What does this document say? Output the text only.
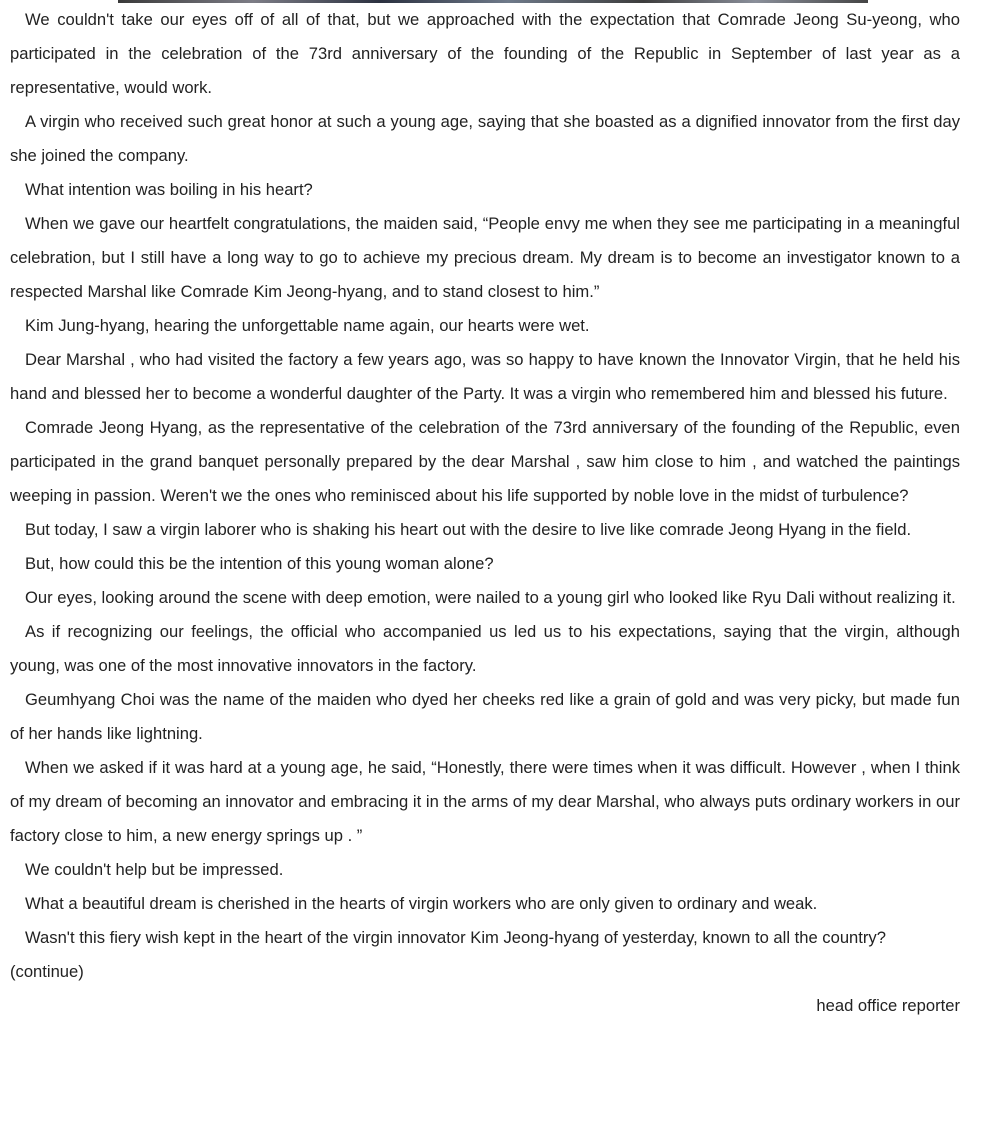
We couldn't take our eyes off of all of that, but we approached with the expectation that Comrade Jeong Su-yeong, who participated in the celebration of the 73rd anniversary of the founding of the Republic in September of last year as a representative, would work.

A virgin who received such great honor at such a young age, saying that she boasted as a dignified innovator from the first day she joined the company.

What intention was boiling in his heart?

When we gave our heartfelt congratulations, the maiden said, “People envy me when they see me participating in a meaningful celebration, but I still have a long way to go to achieve my precious dream. My dream is to become an investigator known to a respected Marshal like Comrade Kim Jeong-hyang, and to stand closest to him.”

Kim Jung-hyang, hearing the unforgettable name again, our hearts were wet.

Dear Marshal , who had visited the factory a few years ago, was so happy to have known the Innovator Virgin, that he held his hand and blessed her to become a wonderful daughter of the Party. It was a virgin who remembered him and blessed his future.

Comrade Jeong Hyang, as the representative of the celebration of the 73rd anniversary of the founding of the Republic, even participated in the grand banquet personally prepared by the dear Marshal , saw him close to him , and watched the paintings weeping in passion. Weren't we the ones who reminisced about his life supported by noble love in the midst of turbulence?

But today, I saw a virgin laborer who is shaking his heart out with the desire to live like comrade Jeong Hyang in the field.

But, how could this be the intention of this young woman alone?

Our eyes, looking around the scene with deep emotion, were nailed to a young girl who looked like Ryu Dali without realizing it.

As if recognizing our feelings, the official who accompanied us led us to his expectations, saying that the virgin, although young, was one of the most innovative innovators in the factory.

Geumhyang Choi was the name of the maiden who dyed her cheeks red like a grain of gold and was very picky, but made fun of her hands like lightning.

When we asked if it was hard at a young age, he said, “Honestly, there were times when it was difficult. However , when I think of my dream of becoming an innovator and embracing it in the arms of my dear Marshal, who always puts ordinary workers in our factory close to him, a new energy springs up . ”

We couldn't help but be impressed.

What a beautiful dream is cherished in the hearts of virgin workers who are only given to ordinary and weak.

Wasn't this fiery wish kept in the heart of the virgin innovator Kim Jeong-hyang of yesterday, known to all the country?

(continue)

head office reporter
